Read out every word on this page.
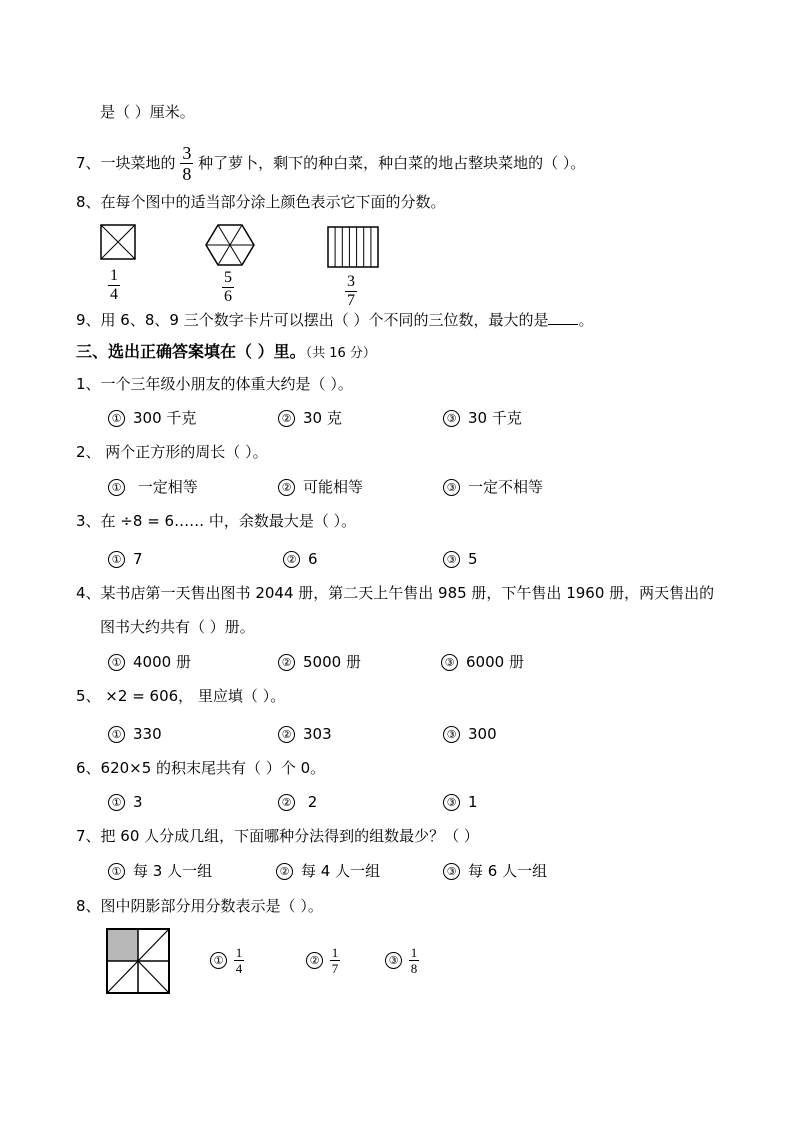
是（ ）厘米。
7、一块菜地的 $\frac{3}{8}$ 种了萝卜，剩下的种白菜，种白菜的地占整块菜地的（ ）。
8、在每个图中的适当部分涂上颜色表示它下面的分数。
$\frac{1}{4}$	$\frac{5}{6}$	$\frac{3}{7}$
9、用 6、8、9 三个数字卡片可以摆出（ ）个不同的三位数，最大的是 。
三、选出正确答案填在（ ）里。（共 16 分）
1、一个三年级小朋友的体重大约是（ ）。
① 300 千克	② 30 克	③ 30 千克
2、 两个正方形的周长（ ）。
① 一定相等	② 可能相等	③ 一定不相等
3、在 ÷8 = 6…… 中，余数最大是（ ）。
① 7	② 6	③ 5
4、某书店第一天售出图书 2044 册，第二天上午售出 985 册，下午售出 1960 册，两天售出的
图书大约共有（ ）册。
① 4000 册	② 5000 册	③ 6000 册
5、 ×2 = 606， 里应填（ ）。
① 330	② 303	③ 300
6、620×5 的积末尾共有（ ）个 0。
① 3	② 2	③ 1
7、把 60 人分成几组，下面哪种分法得到的组数最少？（ ）
① 每 3 人一组	② 每 4 人一组	③ 每 6 人一组
8、图中阴影部分用分数表示是（ ）。
① $\frac{1}{4}$	② $\frac{1}{7}$	③ $\frac{1}{8}$
